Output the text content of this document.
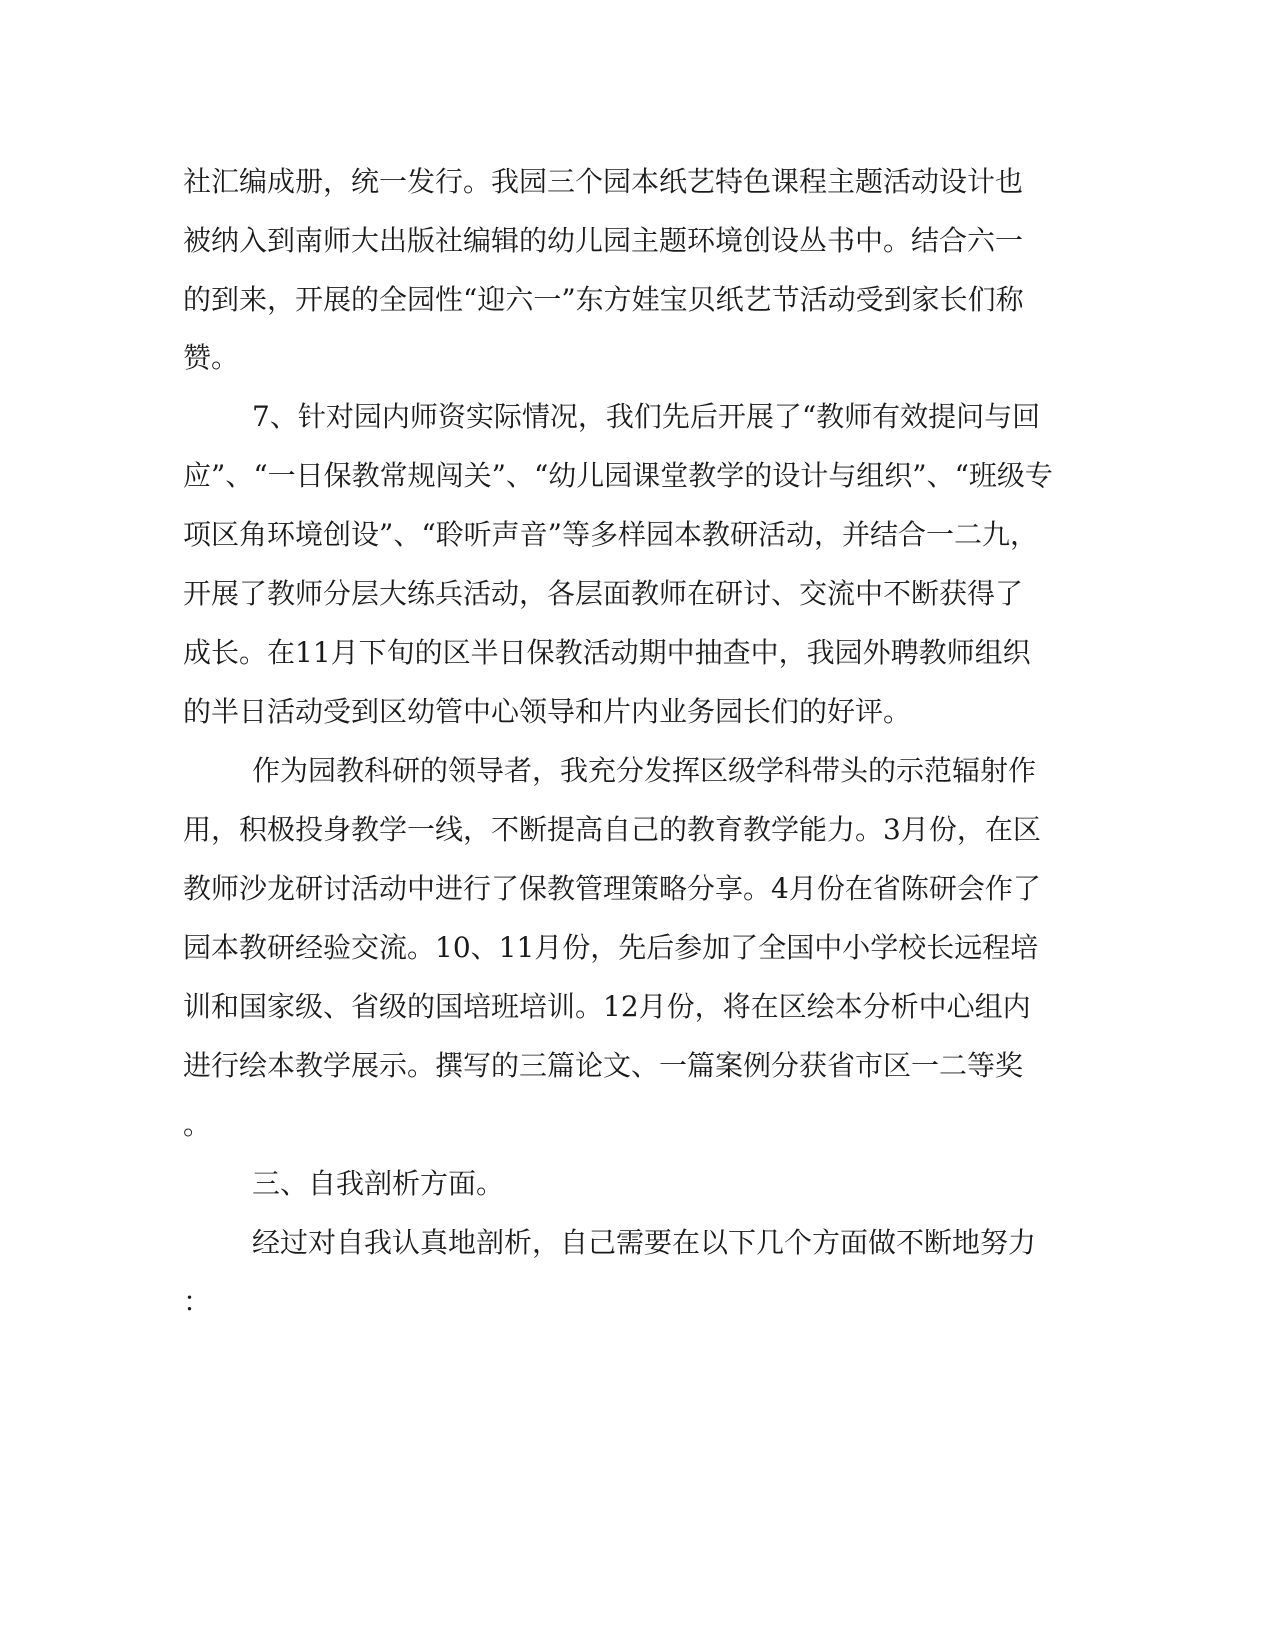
社汇编成册，统一发行。我园三个园本纸艺特色课程主题活动设计也
被纳入到南师大出版社编辑的幼儿园主题环境创设丛书中。结合六一
的到来，开展的全园性“迎六一”东方娃宝贝纸艺节活动受到家长们称
赞。
7、针对园内师资实际情况，我们先后开展了“教师有效提问与回
应”、“一日保教常规闯关”、“幼儿园课堂教学的设计与组织”、“班级专
项区角环境创设”、“聆听声音”等多样园本教研活动，并结合一二九，
开展了教师分层大练兵活动，各层面教师在研讨、交流中不断获得了
成长。在11月下旬的区半日保教活动期中抽查中，我园外聘教师组织
的半日活动受到区幼管中心领导和片内业务园长们的好评。
作为园教科研的领导者，我充分发挥区级学科带头的示范辐射作
用，积极投身教学一线，不断提高自己的教育教学能力。3月份，在区
教师沙龙研讨活动中进行了保教管理策略分享。4月份在省陈研会作了
园本教研经验交流。10、11月份，先后参加了全国中小学校长远程培
训和国家级、省级的国培班培训。12月份，将在区绘本分析中心组内
进行绘本教学展示。撰写的三篇论文、一篇案例分获省市区一二等奖
。
三、自我剖析方面。
经过对自我认真地剖析，自己需要在以下几个方面做不断地努力
：
